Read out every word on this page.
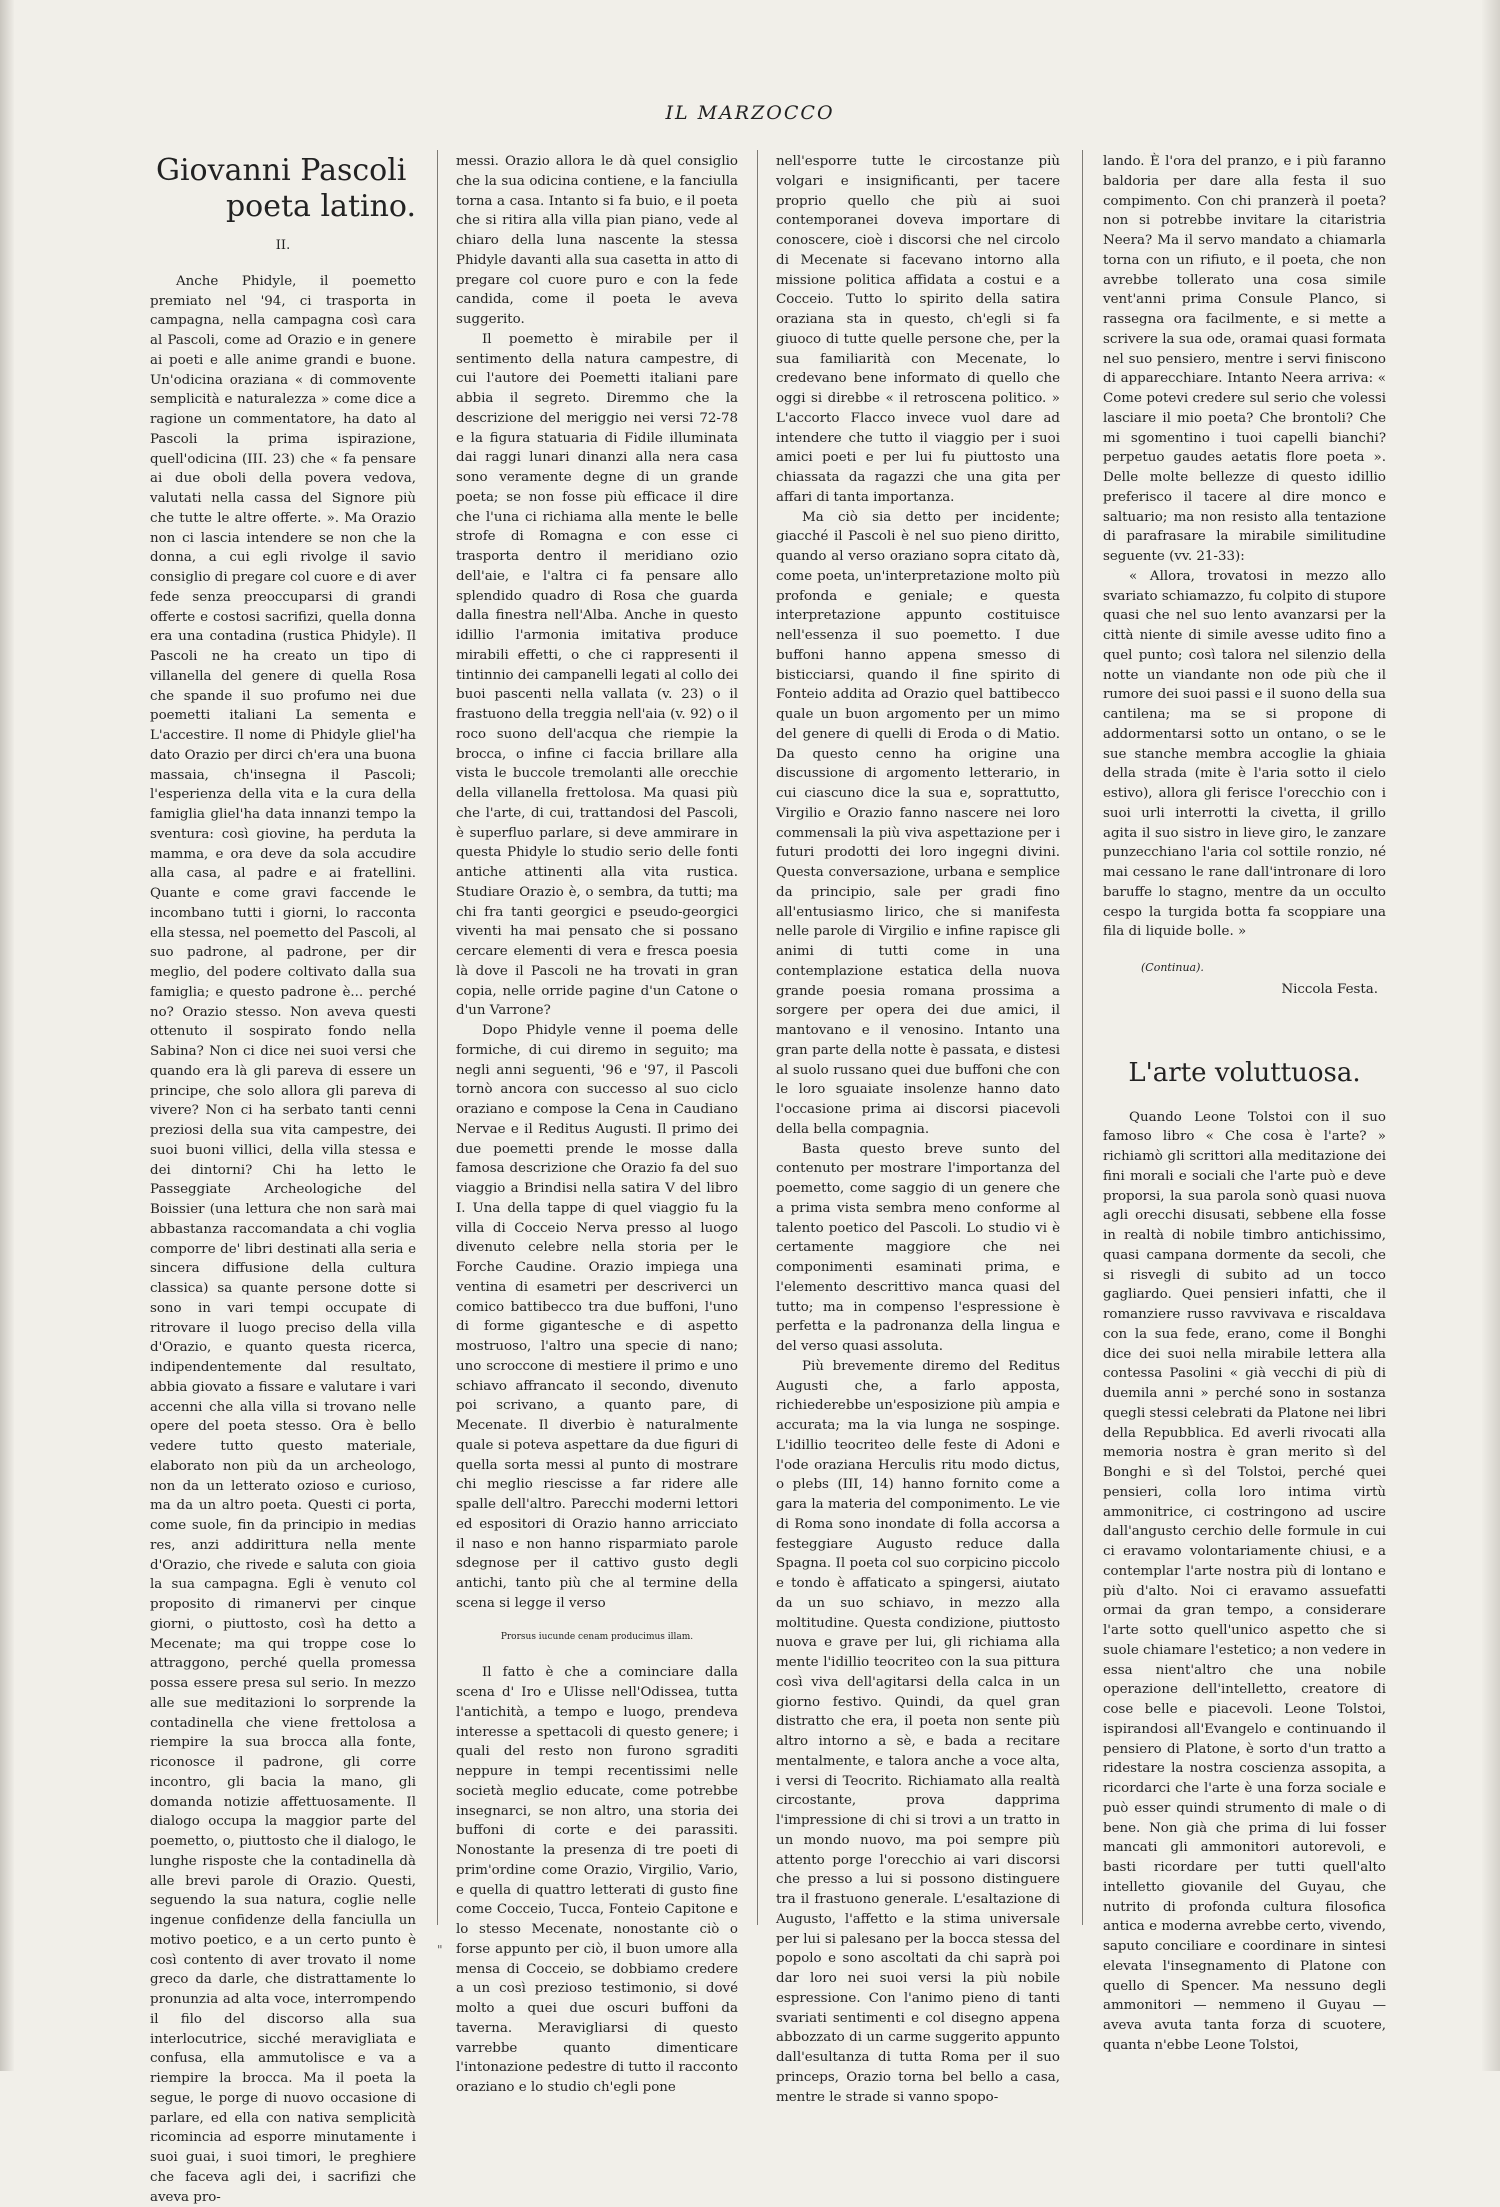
IL MARZOCCO
Giovanni Pascoli
poeta latino.
II.

Anche Phidyle, il poemetto premiato nel '94, ci trasporta in campagna, nella campagna così cara al Pascoli, come ad Orazio e in genere ai poeti e alle anime grandi e buone. Un'odicina oraziana « di commovente semplicità e naturalezza » come dice a ragione un commentatore, ha dato al Pascoli la prima ispirazione, quell'odicina (III. 23) che « fa pensare ai due oboli della povera vedova, valutati nella cassa del Signore più che tutte le altre offerte. ». Ma Orazio non ci lascia intendere se non che la donna, a cui egli rivolge il savio consiglio di pregare col cuore e di aver fede senza preoccuparsi di grandi offerte e costosi sacrifizi, quella donna era una contadina (rustica Phidyle). Il Pascoli ne ha creato un tipo di villanella del genere di quella Rosa che spande il suo profumo nei due poemetti italiani La sementa e L'accestire. Il nome di Phidyle gliel'ha dato Orazio per dirci ch'era una buona massaia, ch'insegna il Pascoli; l'esperienza della vita e la cura della famiglia gliel'ha data innanzi tempo la sventura: così giovine, ha perduta la mamma, e ora deve da sola accudire alla casa, al padre e ai fratellini. Quante e come gravi faccende le incombano tutti i giorni, lo racconta ella stessa, nel poemetto del Pascoli, al suo padrone, al padrone, per dir meglio, del podere coltivato dalla sua famiglia; e questo padrone è... perché no? Orazio stesso. Non aveva questi ottenuto il sospirato fondo nella Sabina? Non ci dice nei suoi versi che quando era là gli pareva di essere un principe, che solo allora gli pareva di vivere? Non ci ha serbato tanti cenni preziosi della sua vita campestre, dei suoi buoni villici, della villa stessa e dei dintorni? Chi ha letto le Passeggiate Archeologiche del Boissier (una lettura che non sarà mai abbastanza raccomandata a chi voglia comporre de' libri destinati alla seria e sincera diffusione della cultura classica) sa quante persone dotte si sono in vari tempi occupate di ritrovare il luogo preciso della villa d'Orazio, e quanto questa ricerca, indipendentemente dal resultato, abbia giovato a fissare e valutare i vari accenni che alla villa si trovano nelle opere del poeta stesso. Ora è bello vedere tutto questo materiale, elaborato non più da un archeologo, non da un letterato ozioso e curioso, ma da un altro poeta. Questi ci porta, come suole, fin da principio in medias res, anzi addirittura nella mente d'Orazio, che rivede e saluta con gioia la sua campagna. Egli è venuto col proposito di rimanervi per cinque giorni, o piuttosto, così ha detto a Mecenate; ma qui troppe cose lo attraggono, perché quella promessa possa essere presa sul serio. In mezzo alle sue meditazioni lo sorprende la contadinella che viene frettolosa a riempire la sua brocca alla fonte, riconosce il padrone, gli corre incontro, gli bacia la mano, gli domanda notizie affettuosamente. Il dialogo occupa la maggior parte del poemetto, o, piuttosto che il dialogo, le lunghe risposte che la contadinella dà alle brevi parole di Orazio. Questi, seguendo la sua natura, coglie nelle ingenue confidenze della fanciulla un motivo poetico, e a un certo punto è così contento di aver trovato il nome greco da darle, che distrattamente lo pronunzia ad alta voce, interrompendo il filo del discorso alla sua interlocutrice, sicché meravigliata e confusa, ella ammutolisce e va a riempire la brocca. Ma il poeta la segue, le porge di nuovo occasione di parlare, ed ella con nativa semplicità ricomincia ad esporre minutamente i suoi guai, i suoi timori, le preghiere che faceva agli dei, i sacrifizi che aveva pro-

messi. Orazio allora le dà quel consiglio che la sua odicina contiene, e la fanciulla torna a casa. Intanto si fa buio, e il poeta che si ritira alla villa pian piano, vede al chiaro della luna nascente la stessa Phidyle davanti alla sua casetta in atto di pregare col cuore puro e con la fede candida, come il poeta le aveva suggerito.

Il poemetto è mirabile per il sentimento della natura campestre, di cui l'autore dei Poemetti italiani pare abbia il segreto. Diremmo che la descrizione del meriggio nei versi 72-78 e la figura statuaria di Fidile illuminata dai raggi lunari dinanzi alla nera casa sono veramente degne di un grande poeta; se non fosse più efficace il dire che l'una ci richiama alla mente le belle strofe di Romagna e con esse ci trasporta dentro il meridiano ozio dell'aie, e l'altra ci fa pensare allo splendido quadro di Rosa che guarda dalla finestra nell'Alba. Anche in questo idillio l'armonia imitativa produce mirabili effetti, o che ci rappresenti il tintinnio dei campanelli legati al collo dei buoi pascenti nella vallata (v. 23) o il frastuono della treggia nell'aia (v. 92) o il roco suono dell'acqua che riempie la brocca, o infine ci faccia brillare alla vista le buccole tremolanti alle orecchie della villanella frettolosa. Ma quasi più che l'arte, di cui, trattandosi del Pascoli, è superfluo parlare, si deve ammirare in questa Phidyle lo studio serio delle fonti antiche attinenti alla vita rustica. Studiare Orazio è, o sembra, da tutti; ma chi fra tanti georgici e pseudo-georgici viventi ha mai pensato che si possano cercare elementi di vera e fresca poesia là dove il Pascoli ne ha trovati in gran copia, nelle orride pagine d'un Catone o d'un Varrone?

Dopo Phidyle venne il poema delle formiche, di cui diremo in seguito; ma negli anni seguenti, '96 e '97, il Pascoli tornò ancora con successo al suo ciclo oraziano e compose la Cena in Caudiano Nervae e il Reditus Augusti. Il primo dei due poemetti prende le mosse dalla famosa descrizione che Orazio fa del suo viaggio a Brindisi nella satira V del libro I. Una della tappe di quel viaggio fu la villa di Cocceio Nerva presso al luogo divenuto celebre nella storia per le Forche Caudine. Orazio impiega una ventina di esametri per descriverci un comico battibecco tra due buffoni, l'uno di forme gigantesche e di aspetto mostruoso, l'altro una specie di nano; uno scroccone di mestiere il primo e uno schiavo affrancato il secondo, divenuto poi scrivano, a quanto pare, di Mecenate. Il diverbio è naturalmente quale si poteva aspettare da due figuri di quella sorta messi al punto di mostrare chi meglio riescisse a far ridere alle spalle dell'altro. Parecchi moderni lettori ed espositori di Orazio hanno arricciato il naso e non hanno risparmiato parole sdegnose per il cattivo gusto degli antichi, tanto più che al termine della scena si legge il verso

Prorsus iucunde cenam producimus illam.

Il fatto è che a cominciare dalla scena d' Iro e Ulisse nell'Odissea, tutta l'antichità, a tempo e luogo, prendeva interesse a spettacoli di questo genere; i quali del resto non furono sgraditi neppure in tempi recentissimi nelle società meglio educate, come potrebbe insegnarci, se non altro, una storia dei buffoni di corte e dei parassiti. Nonostante la presenza di tre poeti di prim'ordine come Orazio, Virgilio, Vario, e quella di quattro letterati di gusto fine come Cocceio, Tucca, Fonteio Capitone e lo stesso Mecenate, nonostante ciò o forse appunto per ciò, il buon umore alla mensa di Cocceio, se dobbiamo credere a un così prezioso testimonio, si dové molto a quei due oscuri buffoni da taverna. Meravigliarsi di questo varrebbe quanto dimenticare l'intonazione pedestre di tutto il racconto oraziano e lo studio ch'egli pone

nell'esporre tutte le circostanze più volgari e insignificanti, per tacere proprio quello che più ai suoi contemporanei doveva importare di conoscere, cioè i discorsi che nel circolo di Mecenate si facevano intorno alla missione politica affidata a costui e a Cocceio. Tutto lo spirito della satira oraziana sta in questo, ch'egli si fa giuoco di tutte quelle persone che, per la sua familiarità con Mecenate, lo credevano bene informato di quello che oggi si direbbe « il retroscena politico. » L'accorto Flacco invece vuol dare ad intendere che tutto il viaggio per i suoi amici poeti e per lui fu piuttosto una chiassata da ragazzi che una gita per affari di tanta importanza.

Ma ciò sia detto per incidente; giacché il Pascoli è nel suo pieno diritto, quando al verso oraziano sopra citato dà, come poeta, un'interpretazione molto più profonda e geniale; e questa interpretazione appunto costituisce nell'essenza il suo poemetto. I due buffoni hanno appena smesso di bisticciarsi, quando il fine spirito di Fonteio addita ad Orazio quel battibecco quale un buon argomento per un mimo del genere di quelli di Eroda o di Matio. Da questo cenno ha origine una discussione di argomento letterario, in cui ciascuno dice la sua e, soprattutto, Virgilio e Orazio fanno nascere nei loro commensali la più viva aspettazione per i futuri prodotti dei loro ingegni divini. Questa conversazione, urbana e semplice da principio, sale per gradi fino all'entusiasmo lirico, che si manifesta nelle parole di Virgilio e infine rapisce gli animi di tutti come in una contemplazione estatica della nuova grande poesia romana prossima a sorgere per opera dei due amici, il mantovano e il venosino. Intanto una gran parte della notte è passata, e distesi al suolo russano quei due buffoni che con le loro sguaiate insolenze hanno dato l'occasione prima ai discorsi piacevoli della bella compagnia.

Basta questo breve sunto del contenuto per mostrare l'importanza del poemetto, come saggio di un genere che a prima vista sembra meno conforme al talento poetico del Pascoli. Lo studio vi è certamente maggiore che nei componimenti esaminati prima, e l'elemento descrittivo manca quasi del tutto; ma in compenso l'espressione è perfetta e la padronanza della lingua e del verso quasi assoluta.

Più brevemente diremo del Reditus Augusti che, a farlo apposta, richiederebbe un'esposizione più ampia e accurata; ma la via lunga ne sospinge. L'idillio teocriteo delle feste di Adoni e l'ode oraziana Herculis ritu modo dictus, o plebs (III, 14) hanno fornito come a gara la materia del componimento. Le vie di Roma sono inondate di folla accorsa a festeggiare Augusto reduce dalla Spagna. Il poeta col suo corpicino piccolo e tondo è affaticato a spingersi, aiutato da un suo schiavo, in mezzo alla moltitudine. Questa condizione, piuttosto nuova e grave per lui, gli richiama alla mente l'idillio teocriteo con la sua pittura così viva dell'agitarsi della calca in un giorno festivo. Quindi, da quel gran distratto che era, il poeta non sente più altro intorno a sè, e bada a recitare mentalmente, e talora anche a voce alta, i versi di Teocrito. Richiamato alla realtà circostante, prova dapprima l'impressione di chi si trovi a un tratto in un mondo nuovo, ma poi sempre più attento porge l'orecchio ai vari discorsi che presso a lui si possono distinguere tra il frastuono generale. L'esaltazione di Augusto, l'affetto e la stima universale per lui si palesano per la bocca stessa del popolo e sono ascoltati da chi saprà poi dar loro nei suoi versi la più nobile espressione. Con l'animo pieno di tanti svariati sentimenti e col disegno appena abbozzato di un carme suggerito appunto dall'esultanza di tutta Roma per il suo princeps, Orazio torna bel bello a casa, mentre le strade si vanno spopo-

lando. È l'ora del pranzo, e i più faranno baldoria per dare alla festa il suo compimento. Con chi pranzerà il poeta? non si potrebbe invitare la citaristria Neera? Ma il servo mandato a chiamarla torna con un rifiuto, e il poeta, che non avrebbe tollerato una cosa simile vent'anni prima Consule Planco, si rassegna ora facilmente, e si mette a scrivere la sua ode, oramai quasi formata nel suo pensiero, mentre i servi finiscono di apparecchiare. Intanto Neera arriva: « Come potevi credere sul serio che volessi lasciare il mio poeta? Che brontoli? Che mi sgomentino i tuoi capelli bianchi? perpetuo gaudes aetatis flore poeta ». Delle molte bellezze di questo idillio preferisco il tacere al dire monco e saltuario; ma non resisto alla tentazione di parafrasare la mirabile similitudine seguente (vv. 21-33):

« Allora, trovatosi in mezzo allo svariato schiamazzo, fu colpito di stupore quasi che nel suo lento avanzarsi per la città niente di simile avesse udito fino a quel punto; così talora nel silenzio della notte un viandante non ode più che il rumore dei suoi passi e il suono della sua cantilena; ma se si propone di addormentarsi sotto un ontano, o se le sue stanche membra accoglie la ghiaia della strada (mite è l'aria sotto il cielo estivo), allora gli ferisce l'orecchio con i suoi urli interrotti la civetta, il grillo agita il suo sistro in lieve giro, le zanzare punzecchiano l'aria col sottile ronzio, né mai cessano le rane dall'intronare di loro baruffe lo stagno, mentre da un occulto cespo la turgida botta fa scoppiare una fila di liquide bolle. »

(Continua).
Niccola Festa.
L'arte voluttuosa.

Quando Leone Tolstoi con il suo famoso libro « Che cosa è l'arte? » richiamò gli scrittori alla meditazione dei fini morali e sociali che l'arte può e deve proporsi, la sua parola sonò quasi nuova agli orecchi disusati, sebbene ella fosse in realtà di nobile timbro antichissimo, quasi campana dormente da secoli, che si risvegli di subito ad un tocco gagliardo. Quei pensieri infatti, che il romanziere russo ravvivava e riscaldava con la sua fede, erano, come il Bonghi dice dei suoi nella mirabile lettera alla contessa Pasolini « già vecchi di più di duemila anni » perché sono in sostanza quegli stessi celebrati da Platone nei libri della Repubblica. Ed averli rivocati alla memoria nostra è gran merito sì del Bonghi e sì del Tolstoi, perché quei pensieri, colla loro intima virtù ammonitrice, ci costringono ad uscire dall'angusto cerchio delle formule in cui ci eravamo volontariamente chiusi, e a contemplar l'arte nostra più di lontano e più d'alto. Noi ci eravamo assuefatti ormai da gran tempo, a considerare l'arte sotto quell'unico aspetto che si suole chiamare l'estetico; a non vedere in essa nient'altro che una nobile operazione dell'intelletto, creatore di cose belle e piacevoli. Leone Tolstoi, ispirandosi all'Evangelo e continuando il pensiero di Platone, è sorto d'un tratto a ridestare la nostra coscienza assopita, a ricordarci che l'arte è una forza sociale e può esser quindi strumento di male o di bene. Non già che prima di lui fosser mancati gli ammonitori autorevoli, e basti ricordare per tutti quell'alto intelletto giovanile del Guyau, che nutrito di profonda cultura filosofica antica e moderna avrebbe certo, vivendo, saputo conciliare e coordinare in sintesi elevata l'insegnamento di Platone con quello di Spencer. Ma nessuno degli ammonitori — nemmeno il Guyau — aveva avuta tanta forza di scuotere, quanta n'ebbe Leone Tolstoi,

"
